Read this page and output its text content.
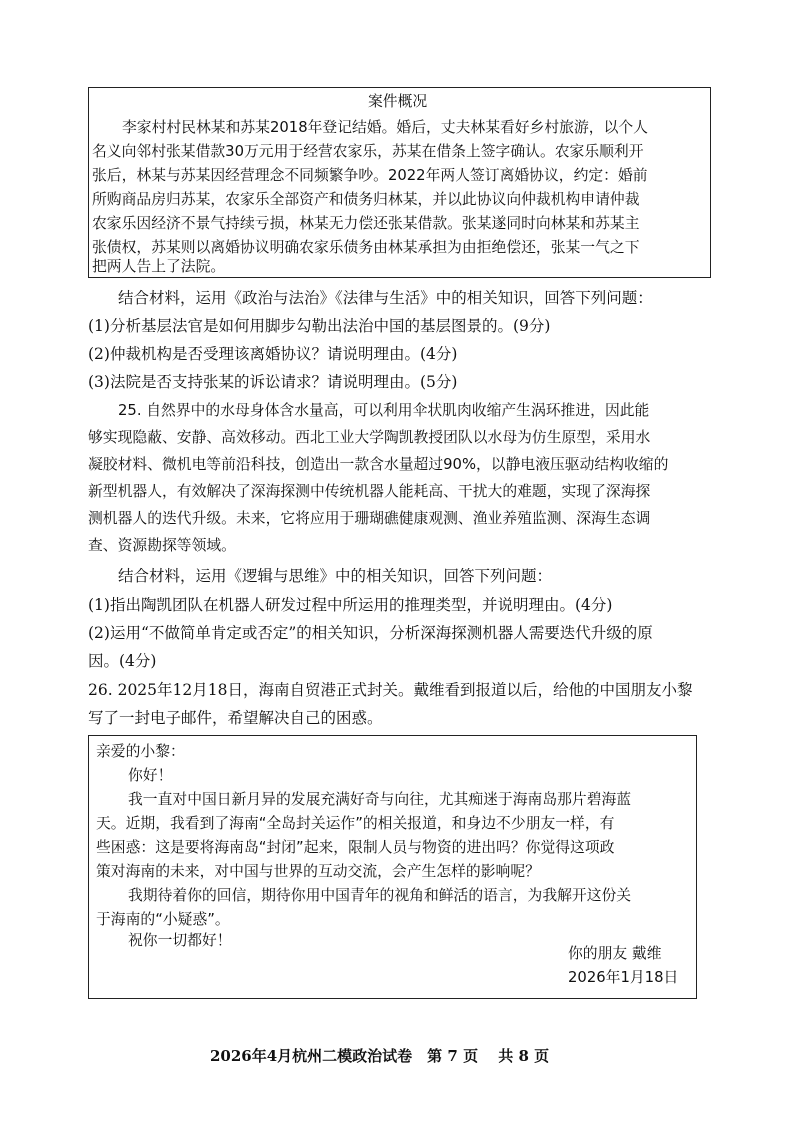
案件概况
李家村村民林某和苏某2018年登记结婚。婚后，丈夫林某看好乡村旅游，以个人
名义向邻村张某借款30万元用于经营农家乐，苏某在借条上签字确认。农家乐顺利开
张后，林某与苏某因经营理念不同频繁争吵。2022年两人签订离婚协议，约定：婚前
所购商品房归苏某，农家乐全部资产和债务归林某，并以此协议向仲裁机构申请仲裁
农家乐因经济不景气持续亏损，林某无力偿还张某借款。张某遂同时向林某和苏某主
张债权，苏某则以离婚协议明确农家乐债务由林某承担为由拒绝偿还，张某一气之下
把两人告上了法院。
结合材料，运用《政治与法治》《法律与生活》中的相关知识，回答下列问题：
(1)分析基层法官是如何用脚步勾勒出法治中国的基层图景的。(9分)
(2)仲裁机构是否受理该离婚协议？请说明理由。(4分)
(3)法院是否支持张某的诉讼请求？请说明理由。(5分)
25. 自然界中的水母身体含水量高，可以利用伞状肌肉收缩产生涡环推进，因此能
够实现隐蔽、安静、高效移动。西北工业大学陶凯教授团队以水母为仿生原型，采用水
凝胶材料、微机电等前沿科技，创造出一款含水量超过90%，以静电液压驱动结构收缩的
新型机器人，有效解决了深海探测中传统机器人能耗高、干扰大的难题，实现了深海探
测机器人的迭代升级。未来，它将应用于珊瑚礁健康观测、渔业养殖监测、深海生态调
查、资源勘探等领域。
结合材料，运用《逻辑与思维》中的相关知识，回答下列问题：
(1)指出陶凯团队在机器人研发过程中所运用的推理类型，并说明理由。(4分)
(2)运用“不做简单肯定或否定”的相关知识，分析深海探测机器人需要迭代升级的原
因。(4分)
26. 2025年12月18日，海南自贸港正式封关。戴维看到报道以后，给他的中国朋友小黎
写了一封电子邮件，希望解决自己的困惑。
亲爱的小黎：
你好！
我一直对中国日新月异的发展充满好奇与向往，尤其痴迷于海南岛那片碧海蓝
天。近期，我看到了海南“全岛封关运作”的相关报道，和身边不少朋友一样，有
些困惑：这是要将海南岛“封闭”起来，限制人员与物资的进出吗？你觉得这项政
策对海南的未来，对中国与世界的互动交流，会产生怎样的影响呢？
我期待着你的回信，期待你用中国青年的视角和鲜活的语言，为我解开这份关
于海南的“小疑惑”。
祝你一切都好！
你的朋友 戴维
2026年1月18日
2026年4月杭州二模政治试卷　第 7 页　 共 8 页
